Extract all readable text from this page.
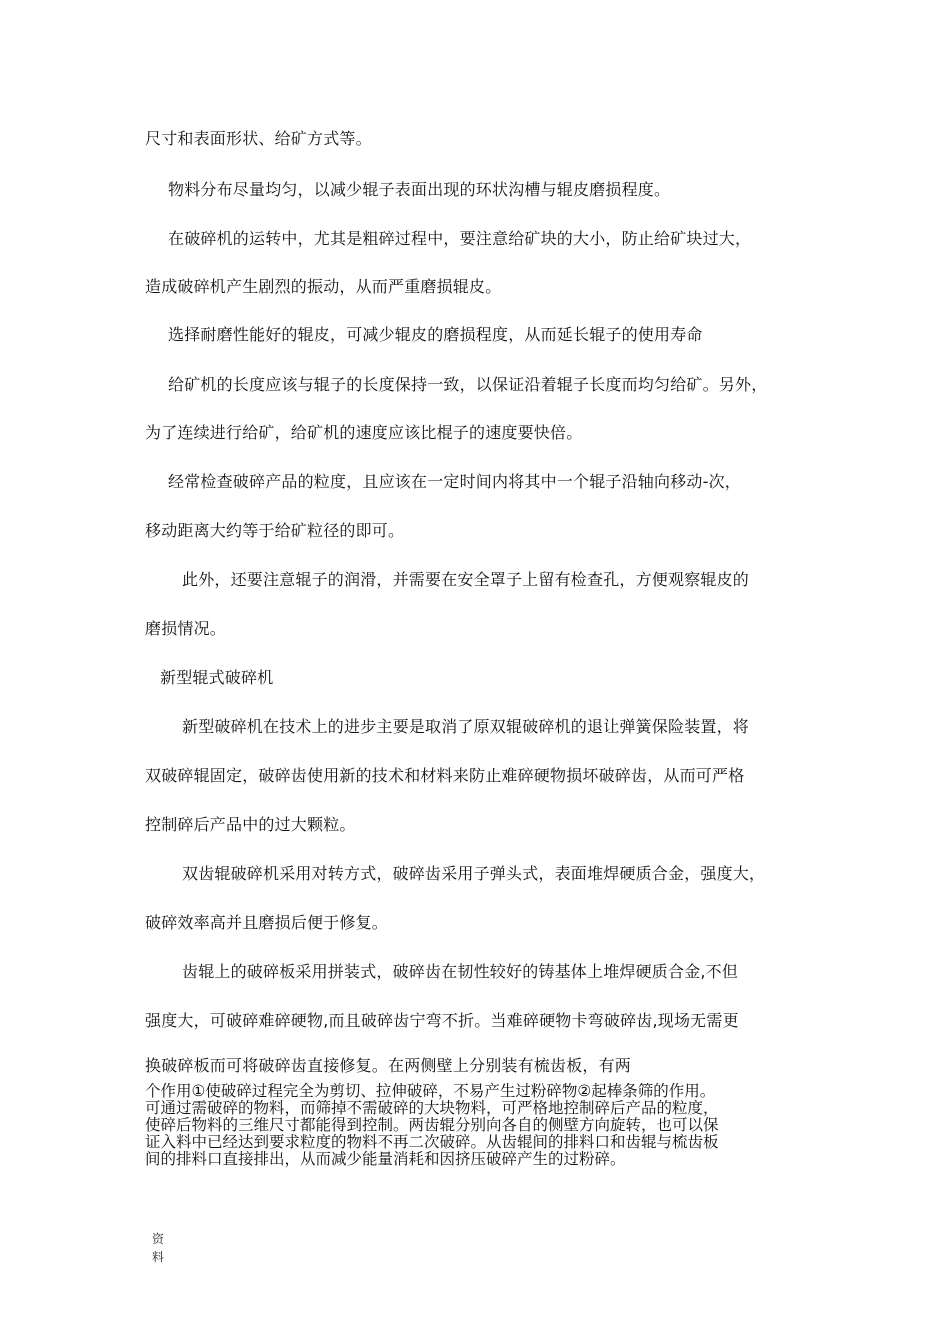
尺寸和表面形状、给矿方式等。
物料分布尽量均匀，以减少辊子表面出现的环状沟槽与辊皮磨损程度。
在破碎机的运转中，尤其是粗碎过程中，要注意给矿块的大小，防止给矿块过大，
造成破碎机产生剧烈的振动，从而严重磨损辊皮。
选择耐磨性能好的辊皮，可减少辊皮的磨损程度，从而延长辊子的使用寿命
给矿机的长度应该与辊子的长度保持一致，以保证沿着辊子长度而均匀给矿。另外，
为了连续进行给矿，给矿机的速度应该比棍子的速度要快倍。
经常检查破碎产品的粒度，且应该在一定时间内将其中一个辊子沿轴向移动-次，
移动距离大约等于给矿粒径的即可。
此外，还要注意辊子的润滑，并需要在安全罩子上留有检查孔，方便观察辊皮的
磨损情况。
新型辊式破碎机
新型破碎机在技术上的进步主要是取消了原双辊破碎机的退让弹簧保险装置，将
双破碎辊固定，破碎齿使用新的技术和材料来防止难碎硬物损坏破碎齿，从而可严格
控制碎后产品中的过大颗粒。
双齿辊破碎机采用对转方式，破碎齿采用子弹头式，表面堆焊硬质合金，强度大，
破碎效率高并且磨损后便于修复。
齿辊上的破碎板采用拼装式，破碎齿在韧性较好的铸基体上堆焊硬质合金,不但
强度大，可破碎难碎硬物,而且破碎齿宁弯不折。当难碎硬物卡弯破碎齿,现场无需更
换破碎板而可将破碎齿直接修复。在两侧壁上分别装有梳齿板，有两
个作用①使破碎过程完全为剪切、拉伸破碎，不易产生过粉碎物②起棒条筛的作用。
可通过需破碎的物料，而筛掉不需破碎的大块物料，可严格地控制碎后产品的粒度，
使碎后物料的三维尺寸都能得到控制。两齿辊分别向各自的侧壁方向旋转，也可以保
证入料中已经达到要求粒度的物料不再二次破碎。从齿辊间的排料口和齿辊与梳齿板
间的排料口直接排出，从而减少能量消耗和因挤压破碎产生的过粉碎。
资料
